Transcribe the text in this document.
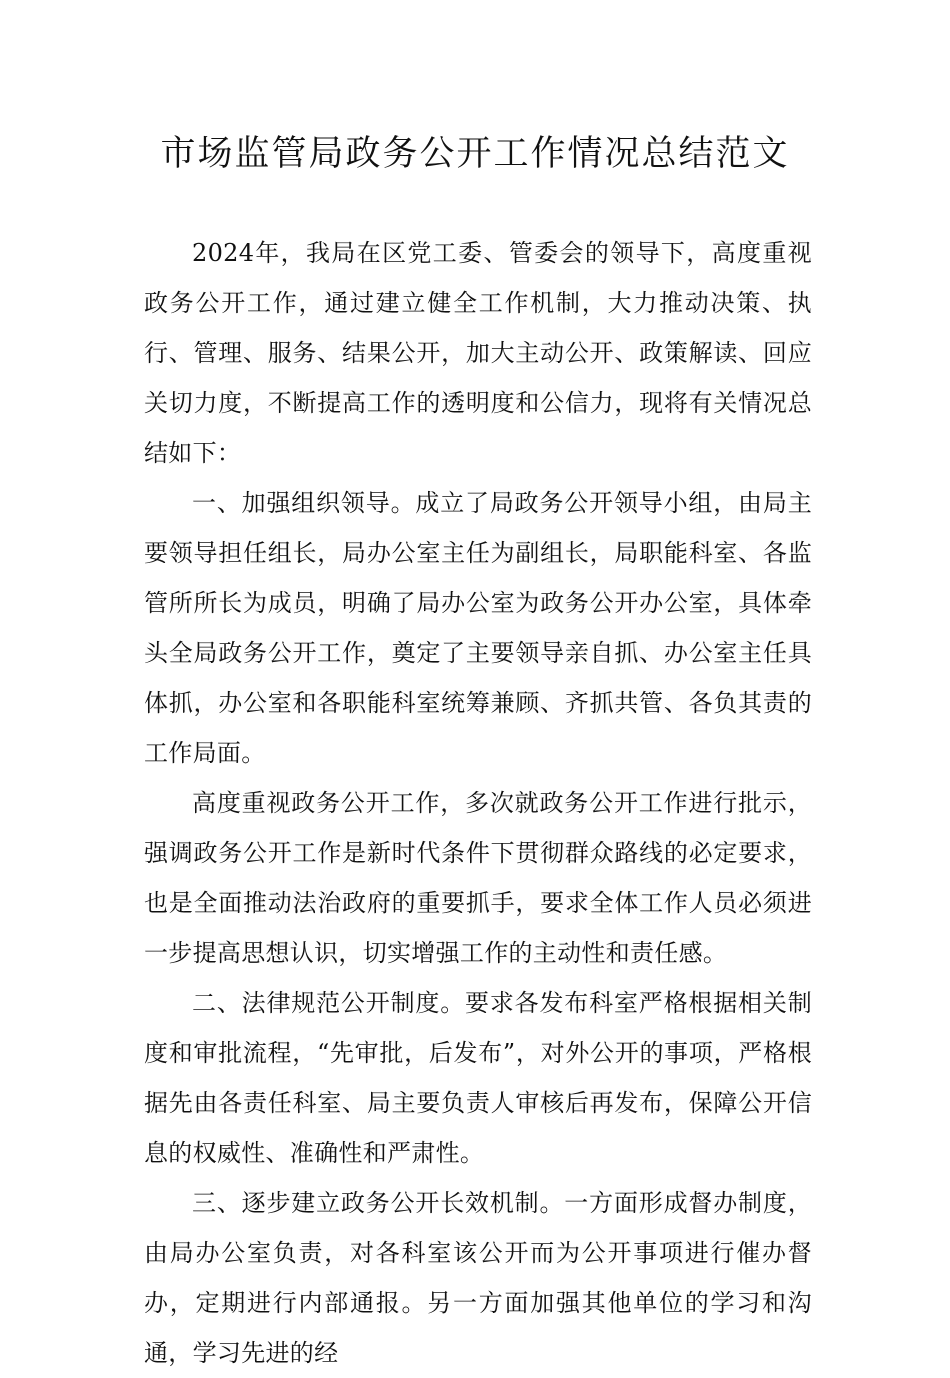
市场监管局政务公开工作情况总结范文

2024年，我局在区党工委、管委会的领导下，高度重视政务公开工作，通过建立健全工作机制，大力推动决策、执行、管理、服务、结果公开，加大主动公开、政策解读、回应关切力度，不断提高工作的透明度和公信力，现将有关情况总结如下：

一、加强组织领导。成立了局政务公开领导小组，由局主要领导担任组长，局办公室主任为副组长，局职能科室、各监管所所长为成员，明确了局办公室为政务公开办公室，具体牵头全局政务公开工作，奠定了主要领导亲自抓、办公室主任具体抓，办公室和各职能科室统筹兼顾、齐抓共管、各负其责的工作局面。

高度重视政务公开工作，多次就政务公开工作进行批示，强调政务公开工作是新时代条件下贯彻群众路线的必定要求，也是全面推动法治政府的重要抓手，要求全体工作人员必须进一步提高思想认识，切实增强工作的主动性和责任感。

二、法律规范公开制度。要求各发布科室严格根据相关制度和审批流程，“先审批，后发布”，对外公开的事项，严格根据先由各责任科室、局主要负责人审核后再发布，保障公开信息的权威性、准确性和严肃性。

三、逐步建立政务公开长效机制。一方面形成督办制度，由局办公室负责，对各科室该公开而为公开事项进行催办督办，定期进行内部通报。另一方面加强其他单位的学习和沟通，学习先进的经
